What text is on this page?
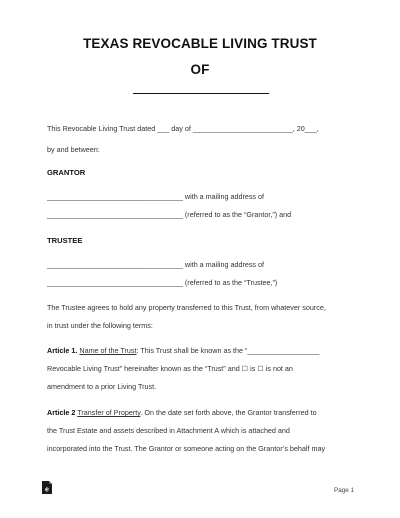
TEXAS REVOCABLE LIVING TRUST
OF
This Revocable Living Trust dated ___ day of _________________________, 20___,
by and between:
GRANTOR
__________________________________ with a mailing address of
__________________________________ (referred to as the “Grantor,”) and
TRUSTEE
__________________________________ with a mailing address of
__________________________________ (referred to as the “Trustee,”)
The Trustee agrees to hold any property transferred to this Trust, from whatever source,
in trust under the following terms:
Article 1. Name of the Trust: This Trust shall be known as the “__________________
Revocable Living Trust” hereinafter known as the “Trust” and ☐ is ☐ is not an
amendment to a prior Living Trust.
Article 2 Transfer of Property. On the date set forth above, the Grantor transferred to
the Trust Estate and assets described in Attachment A which is attached and
incorporated into the Trust. The Grantor or someone acting on the Grantor’s behalf may
e	Page 1
